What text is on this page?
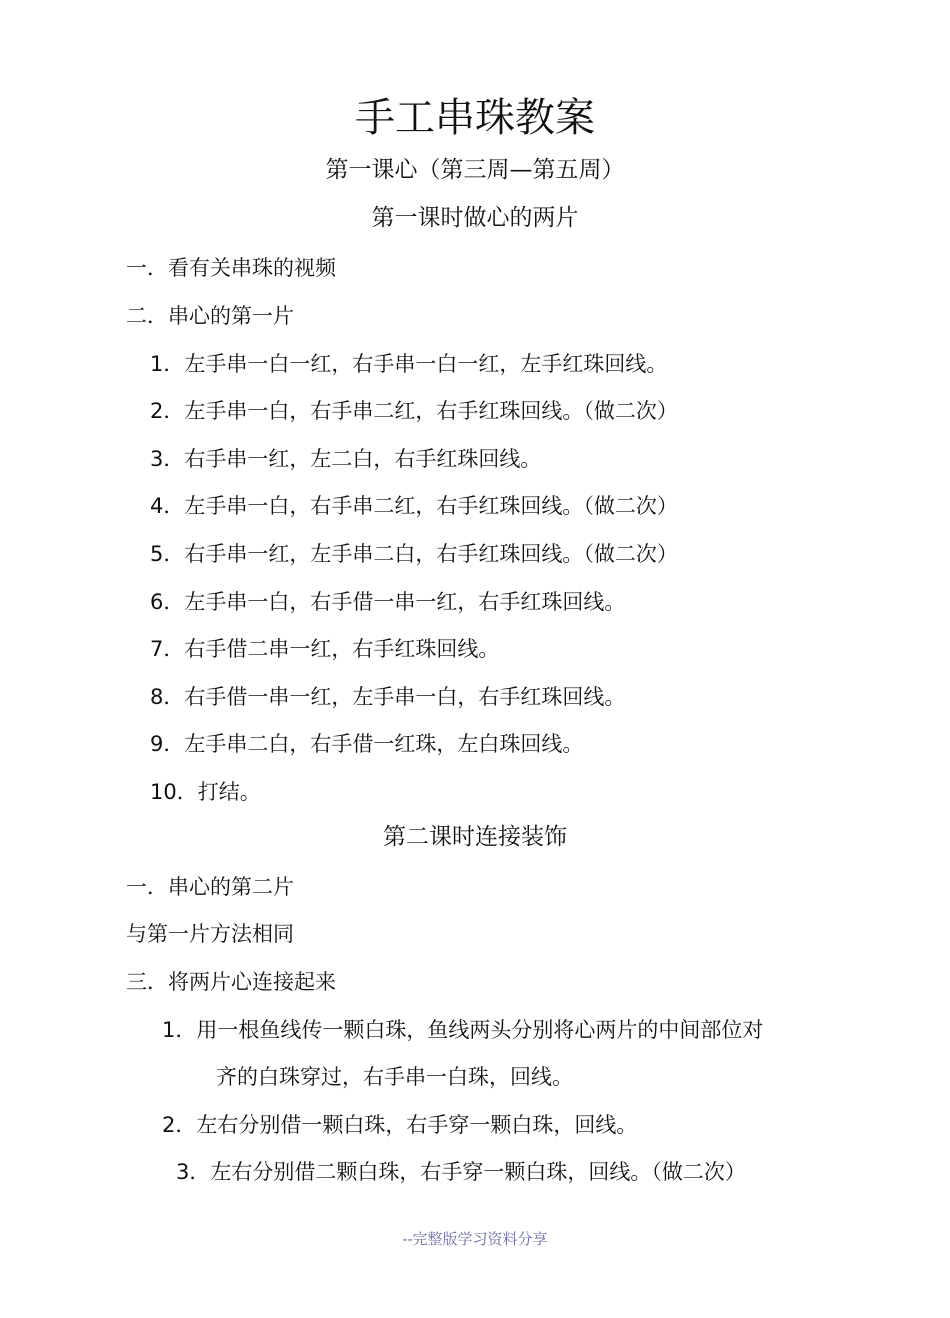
手工串珠教案
第一课心（第三周—第五周）
第一课时做心的两片
一．看有关串珠的视频
二．串心的第一片
1．左手串一白一红，右手串一白一红，左手红珠回线。
2．左手串一白，右手串二红，右手红珠回线。（做二次）
3．右手串一红，左二白，右手红珠回线。
4．左手串一白，右手串二红，右手红珠回线。（做二次）
5．右手串一红，左手串二白，右手红珠回线。（做二次）
6．左手串一白，右手借一串一红，右手红珠回线。
7．右手借二串一红，右手红珠回线。
8．右手借一串一红，左手串一白，右手红珠回线。
9．左手串二白，右手借一红珠，左白珠回线。
10．打结。
第二课时连接装饰
一．串心的第二片
与第一片方法相同
三．将两片心连接起来
1．用一根鱼线传一颗白珠，鱼线两头分别将心两片的中间部位对
齐的白珠穿过，右手串一白珠，回线。
2．左右分别借一颗白珠，右手穿一颗白珠，回线。
3．左右分别借二颗白珠，右手穿一颗白珠，回线。（做二次）
--完整版学习资料分享
